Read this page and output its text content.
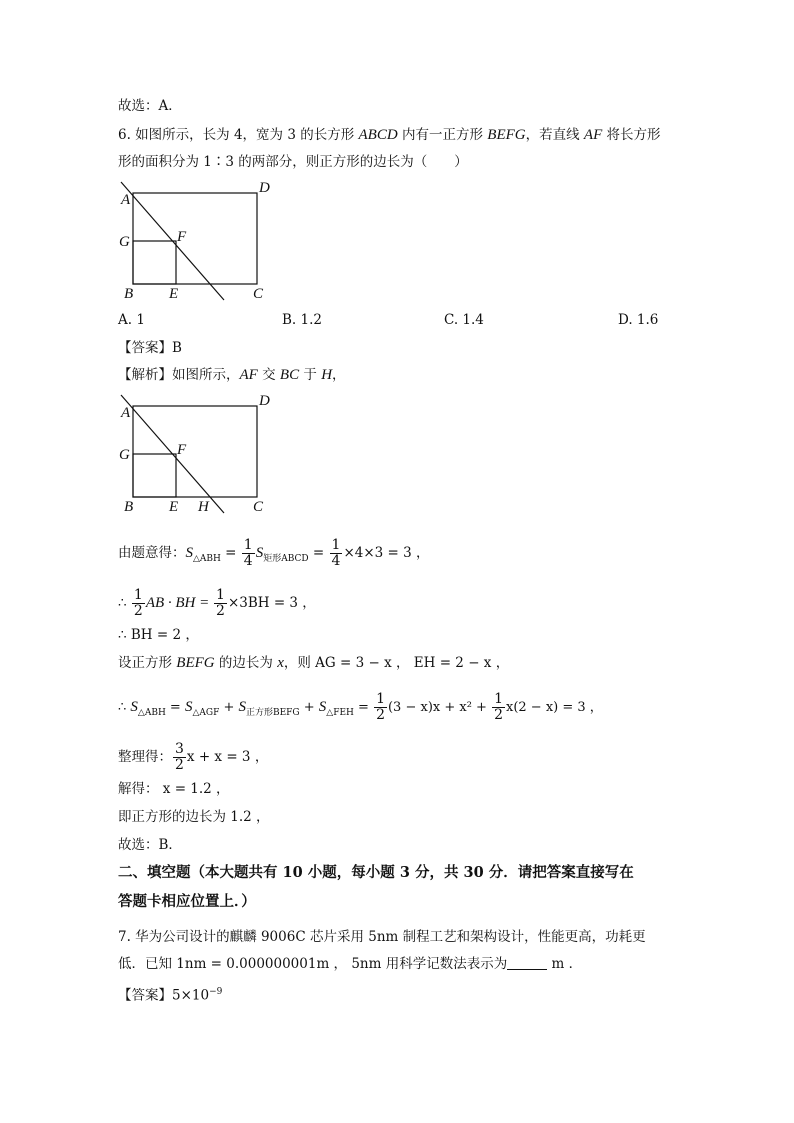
故选：A．
6. 如图所示，长为 4，宽为 3 的长方形 ABCD 内有一正方形 BEFG，若直线 AF 将长方形
形的面积分为 1∶3 的两部分，则正方形的边长为（　　）
A
D
G	F
B E	C
A. 1	B. 1.2	C. 1.4	D. 1.6
【答案】B
【解析】如图所示，AF 交 BC 于 H，
A
D
G	F
B E H	C
由题意得：$S_{\triangle ABH} = \frac{1}{4} S_{矩形ABCD} = \frac{1}{4} \times 4\times 3 = 3$ ，
∴ $\frac{1}{2}$ AB · BH = $\frac{1}{2} \times 3BH = 3$ ，
∴ BH = 2 ，
设正方形 BEFG 的边长为 x，则 AG = 3 − x ， EH = 2 − x ，
∴ $S_{\triangle ABH} = S_{\triangle AGF} + S_{正方形BEFG} + S_{\triangle FEH} = \frac{1}{2} (3 - x)x + x^2 + \frac{1}{2} x(2 - x) = 3$ ，
整理得： $\frac{3}{2}$ x + x = 3 ，
解得： x = 1.2 ，
即正方形的边长为 1.2 ，
故选：B．
二、填空题（本大题共有 10 小题，每小题 3 分，共 30 分．请把答案直接写在
答题卡相应位置上．）
7. 华为公司设计的麒麟 9006C 芯片采用 5nm 制程工艺和架构设计，性能更高，功耗更
低．已知 1nm = 0.000000001m ， 5nm 用科学记数法表示为	m ．
【答案】$5\times 10^{-9}$
